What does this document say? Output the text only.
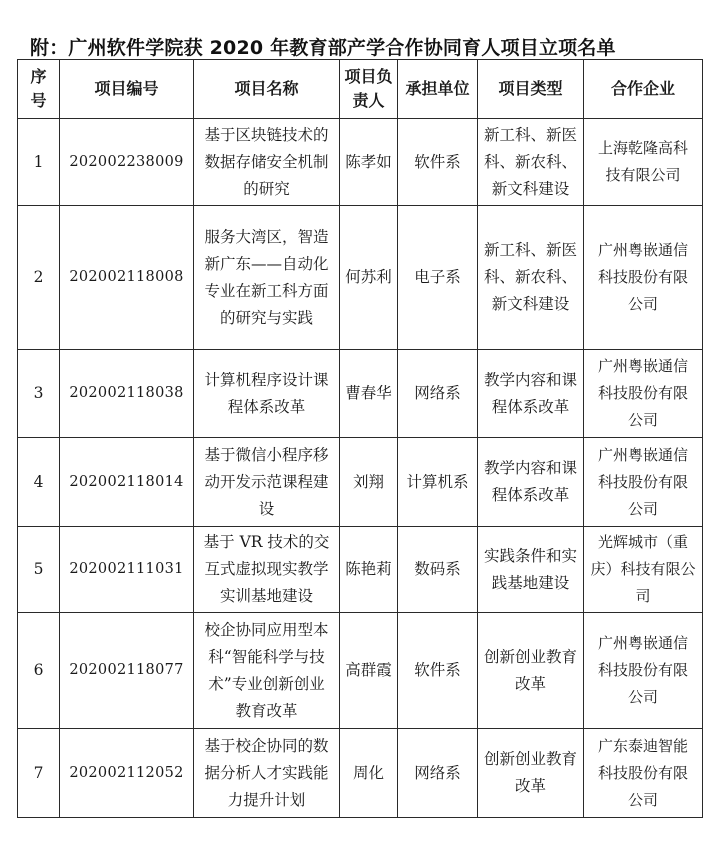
附：广州软件学院获 2020 年教育部产学合作协同育人项目立项名单
序号	项目编号	项目名称	项目负责人	承担单位	项目类型	合作企业
1	202002238009	基于区块链技术的数据存储安全机制的研究	陈孝如	软件系	新工科、新医科、新农科、新文科建设	上海乾隆高科技有限公司

2	202002118008	服务大湾区，智造新广东——自动化专业在新工科方面的研究与实践	何苏利	电子系	新工科、新医科、新农科、新文科建设	广州粤嵌通信科技股份有限公司

3	202002118038	计算机程序设计课程体系改革	曹春华	网络系	教学内容和课程体系改革	广州粤嵌通信科技股份有限公司

4	202002118014	基于微信小程序移动开发示范课程建设	刘翔	计算机系	教学内容和课程体系改革	广州粤嵌通信科技股份有限公司

5	202002111031	基于 VR 技术的交互式虚拟现实教学实训基地建设	陈艳莉	数码系	实践条件和实践基地建设	光辉城市（重庆）科技有限公司

6	202002118077	校企协同应用型本科“智能科学与技术”专业创新创业教育改革	高群霞	软件系	创新创业教育改革	广州粤嵌通信科技股份有限公司

7	202002112052	基于校企协同的数据分析人才实践能力提升计划	周化	网络系	创新创业教育改革	广东泰迪智能科技股份有限公司
